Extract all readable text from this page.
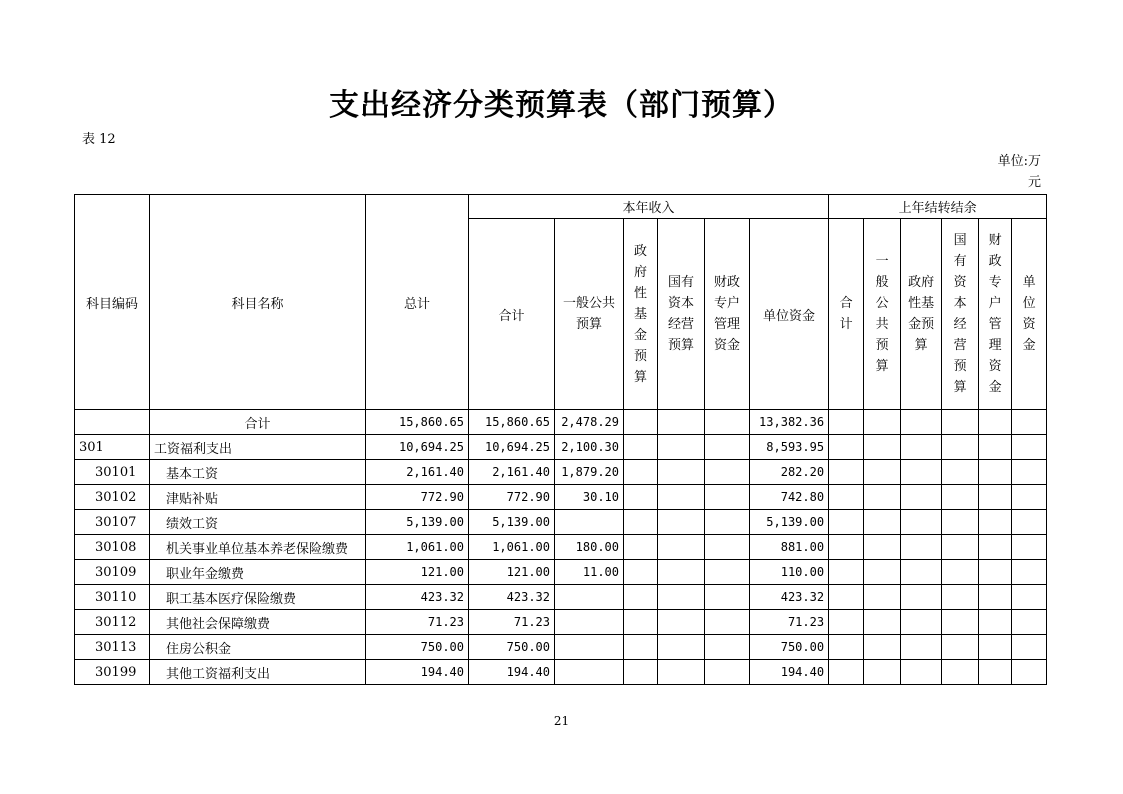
支出经济分类预算表（部门预算）
表 12
单位:万
元
科目编码	科目名称	总计	本年收入						上年结转结余					
			合计	一般公共预算	政府性基金预算	国有资本经营预算	财政专户管理资金	单位资金	合计	一般公共预算	政府性基金预算	国有资本经营预算	财政专户管理资金	单位资金
	合计	15,860.65	15,860.65	2,478.29				13,382.36						
301	工资福利支出	10,694.25	10,694.25	2,100.30				8,593.95						
30101	基本工资	2,161.40	2,161.40	1,879.20				282.20						
30102	津贴补贴	772.90	772.90	30.10				742.80						
30107	绩效工资	5,139.00	5,139.00					5,139.00						
30108	机关事业单位基本养老保险缴费	1,061.00	1,061.00	180.00				881.00						
30109	职业年金缴费	121.00	121.00	11.00				110.00						
30110	职工基本医疗保险缴费	423.32	423.32					423.32						
30112	其他社会保障缴费	71.23	71.23					71.23						
30113	住房公积金	750.00	750.00					750.00						
30199	其他工资福利支出	194.40	194.40					194.40						
21
